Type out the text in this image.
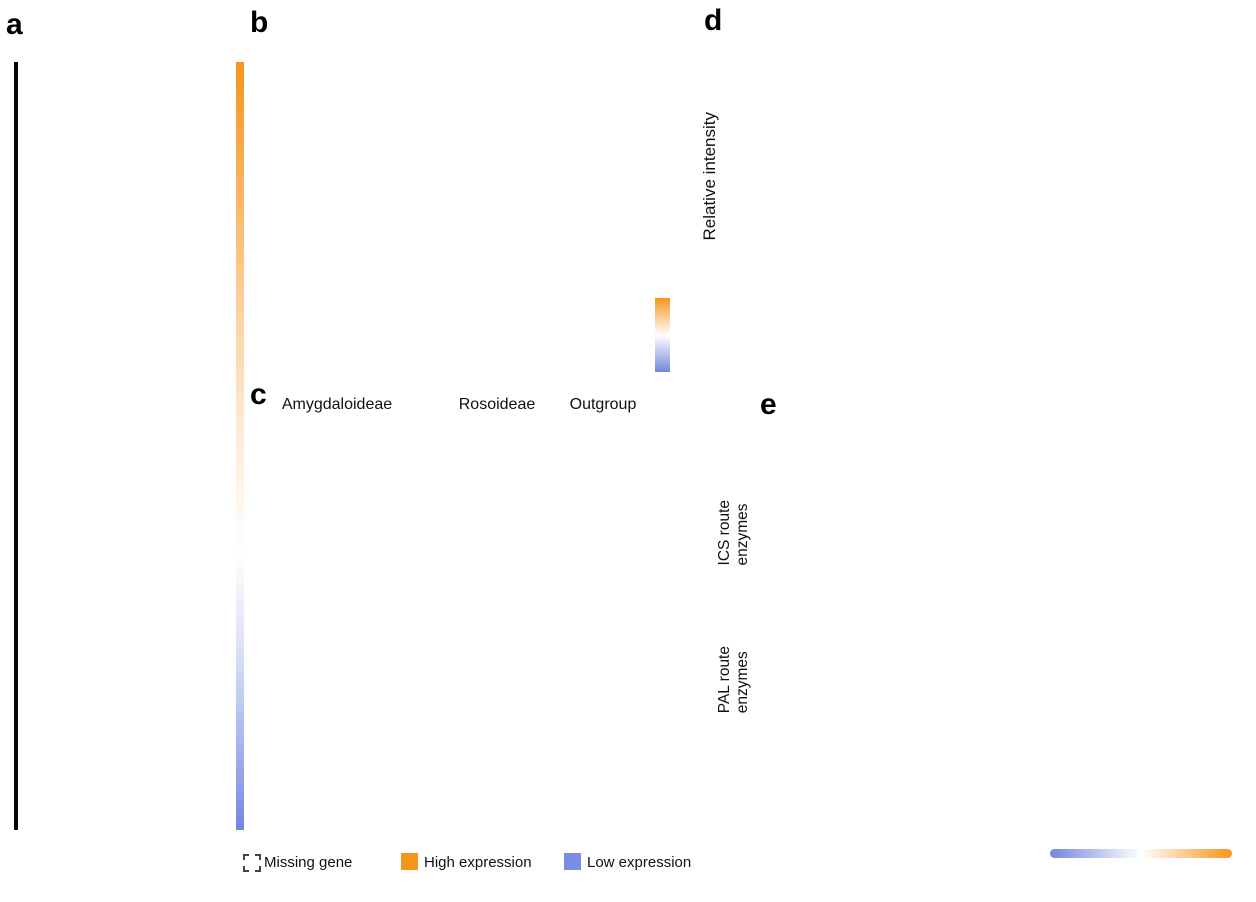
a	b
c
d
e
Amygdaloideae	Rosoideae	Outgroup
ICS route enzymes
PAL route enzymes
Missing gene	High expression	Low expression
Relative intensity
